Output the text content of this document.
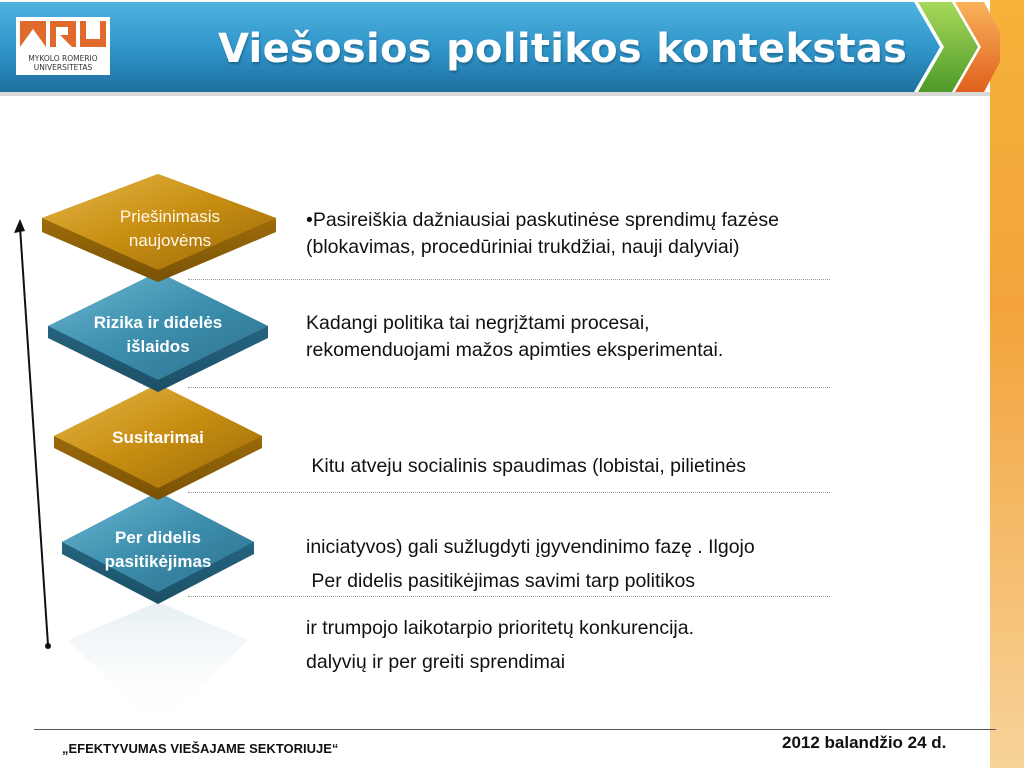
Viešosios politikos kontekstas
MYKOLO ROMERIO
UNIVERSITETAS
Priešinimasis
naujovėms
Rizika ir didelės
išlaidos
Susitarimai
Per didelis
pasitikėjimas
•Pasireiškia dažniausiai paskutinėse sprendimų fazėse
(blokavimas, procedūriniai trukdžiai, nauji dalyviai)
Kadangi politika tai negrįžtami procesai,
rekomenduojami mažos apimties eksperimentai.

Kitu atveju socialinis spaudimas (lobistai, pilietinės

iniciatyvos) gali sužlugdyti įgyvendinimo fazę . Ilgojo

ir trumpojo laikotarpio prioritetų konkurencija.

Per didelis pasitikėjimas savimi tarp politikos

dalyvių ir per greiti sprendimai

„EFEKTYVUMAS VIEŠAJAME SEKTORIUJE“	2012 balandžio 24 d.
